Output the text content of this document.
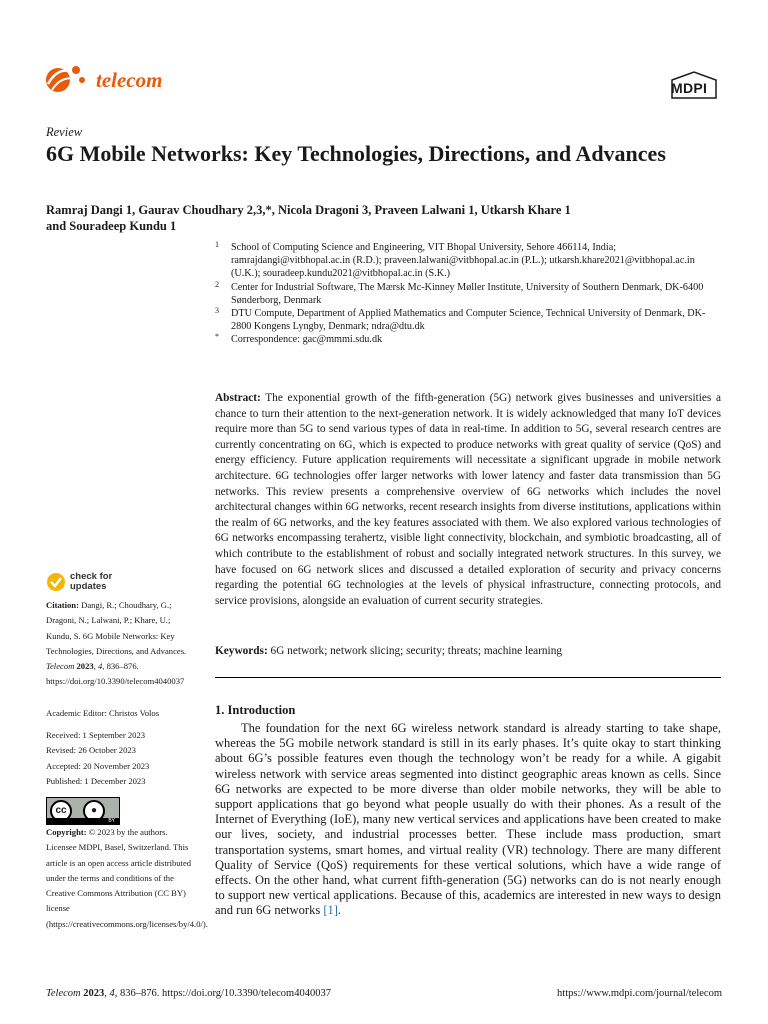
telecom	MDPI
Review
6G Mobile Networks: Key Technologies, Directions, and Advances
Ramraj Dangi 1, Gaurav Choudhary 2,3,*, Nicola Dragoni 3, Praveen Lalwani 1, Utkarsh Khare 1
and Souradeep Kundu 1
1 School of Computing Science and Engineering, VIT Bhopal University, Sehore 466114, India; ramrajdangi@vitbhopal.ac.in (R.D.); praveen.lalwani@vitbhopal.ac.in (P.L.); utkarsh.khare2021@vitbhopal.ac.in (U.K.); souradeep.kundu2021@vitbhopal.ac.in (S.K.)
2 Center for Industrial Software, The Mærsk Mc-Kinney Møller Institute, University of Southern Denmark, DK-6400 Sønderborg, Denmark
3 DTU Compute, Department of Applied Mathematics and Computer Science, Technical University of Denmark, DK-2800 Kongens Lyngby, Denmark; ndra@dtu.dk
* Correspondence: gac@mmmi.sdu.dk
Abstract: The exponential growth of the fifth-generation (5G) network gives businesses and universities a chance to turn their attention to the next-generation network. It is widely acknowledged that many IoT devices require more than 5G to send various types of data in real-time. In addition to 5G, several research centres are currently concentrating on 6G, which is expected to produce networks with great quality of service (QoS) and energy efficiency. Future application requirements will necessitate a significant upgrade in mobile network architecture. 6G technologies offer larger networks with lower latency and faster data transmission than 5G networks. This review presents a comprehensive overview of 6G networks which includes the novel architectural changes within 6G networks, recent research insights from diverse institutions, applications within the realm of 6G networks, and the key features associated with them. We also explored various technologies of 6G networks encompassing terahertz, visible light connectivity, blockchain, and symbiotic broadcasting, all of which contribute to the establishment of robust and socially integrated network structures. In this survey, we have focused on 6G network slices and discussed a detailed exploration of security and privacy concerns regarding the potential 6G technologies at the levels of physical infrastructure, connecting protocols, and service provisions, alongside an evaluation of current security strategies.
Keywords: 6G network; network slicing; security; threats; machine learning
1. Introduction

The foundation for the next 6G wireless network standard is already starting to take shape, whereas the 5G mobile network standard is still in its early phases. It’s quite okay to start thinking about 6G’s possible features even though the technology won’t be ready for a while. A gigabit wireless network with service areas segmented into distinct geographic areas known as cells. Since 6G networks are expected to be more diverse than older mobile networks, they will be able to support applications that go beyond what people usually do with their phones. As a result of the Internet of Everything (IoE), many new vertical services and applications have been created to make our lives, society, and industrial processes better. These include mass production, smart transportation systems, smart homes, and virtual reality (VR) technology. There are many different Quality of Service (QoS) requirements for these vertical solutions, which have a wide range of effects. On the other hand, what current fifth-generation (5G) networks can do is not nearly enough to support new vertical applications. Because of this, academics are interested in new ways to design and run 6G networks [1].

check for
updates
Citation: Dangi, R.; Choudhary, G.; Dragoni, N.; Lalwani, P.; Khare, U.; Kundu, S. 6G Mobile Networks: Key Technologies, Directions, and Advances. Telecom 2023, 4, 836–876. https://doi.org/10.3390/telecom4040037
Academic Editor: Christos Volos
Received: 1 September 2023
Revised: 26 October 2023
Accepted: 20 November 2023
Published: 1 December 2023
cc	●
BY
Copyright: © 2023 by the authors. Licensee MDPI, Basel, Switzerland. This article is an open access article distributed under the terms and conditions of the Creative Commons Attribution (CC BY) license (https://creativecommons.org/licenses/by/4.0/).
Telecom 2023, 4, 836–876. https://doi.org/10.3390/telecom4040037	https://www.mdpi.com/journal/telecom
